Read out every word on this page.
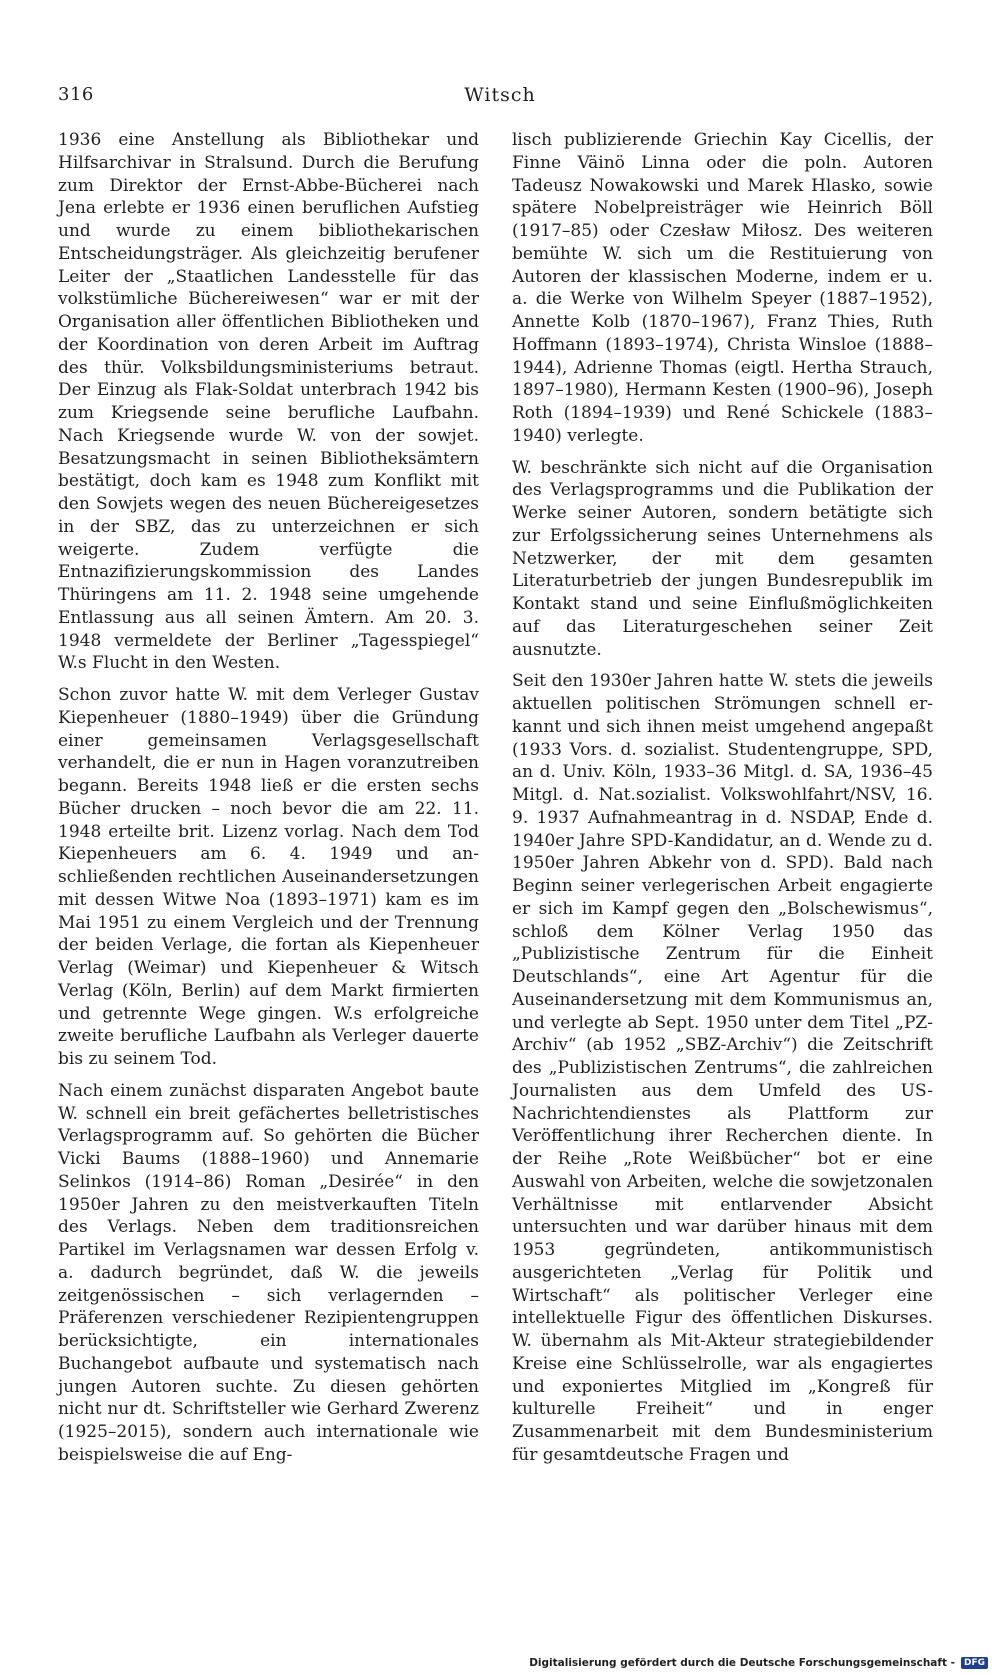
316	Witsch

1936 eine Anstellung als Bibliothekar und Hilfsarchivar in Stralsund. Durch die Berufung zum Direktor der Ernst-Abbe-Bücherei nach Jena erlebte er 1936 einen beruflichen Aufstieg und wurde zu einem bibliothekarischen Entscheidungsträger. Als gleichzeitig berufener Leiter der „Staatlichen Landesstelle für das volkstümliche Büchereiwesen“ war er mit der Organisation aller öffentlichen Bibliotheken und der Koordination von deren Arbeit im Auftrag des thür. Volksbildungsministeriums betraut. Der Einzug als Flak-Soldat unterbrach 1942 bis zum Kriegsende seine berufliche Laufbahn. Nach Kriegsende wurde W. von der sowjet. Besatzungsmacht in seinen Bibliotheksämtern bestätigt, doch kam es 1948 zum Konflikt mit den Sowjets wegen des neuen Büchereigesetzes in der SBZ, das zu unterzeichnen er sich weigerte. Zudem verfügte die Entnazifizierungskommission des Landes Thüringens am 11. 2. 1948 seine umgehende Entlassung aus all seinen Ämtern. Am 20. 3. 1948 vermeldete der Berliner „Tagesspiegel“ W.s Flucht in den Westen.

Schon zuvor hatte W. mit dem Verleger Gustav Kiepenheuer (1880–1949) über die Gründung einer gemeinsamen Verlagsgesellschaft verhandelt, die er nun in Hagen voranzutreiben begann. Bereits 1948 ließ er die ersten sechs Bücher drucken – noch bevor die am 22. 11. 1948 erteilte brit. Lizenz vorlag. Nach dem Tod Kiepenheuers am 6. 4. 1949 und anschließenden rechtlichen Auseinandersetzungen mit dessen Witwe Noa (1893–1971) kam es im Mai 1951 zu einem Vergleich und der Trennung der beiden Verlage, die fortan als Kiepenheuer Verlag (Weimar) und Kiepenheuer & Witsch Verlag (Köln, Berlin) auf dem Markt firmierten und getrennte Wege gingen. W.s erfolgreiche zweite berufliche Laufbahn als Verleger dauerte bis zu seinem Tod.

Nach einem zunächst disparaten Angebot baute W. schnell ein breit gefächertes belletristisches Verlagsprogramm auf. So gehörten die Bücher Vicki Baums (1888–1960) und Annemarie Selinkos (1914–86) Roman „Desirée“ in den 1950er Jahren zu den meistverkauften Titeln des Verlags. Neben dem traditionsreichen Partikel im Verlagsnamen war dessen Erfolg v. a. dadurch begründet, daß W. die jeweils zeitgenössischen – sich verlagernden – Präferenzen verschiedener Rezipientengruppen berücksichtigte, ein internationales Buchangebot aufbaute und systematisch nach jungen Autoren suchte. Zu diesen gehörten nicht nur dt. Schriftsteller wie Gerhard Zwerenz (1925–2015), sondern auch internationale wie beispielsweise die auf Eng-

lisch publizierende Griechin Kay Cicellis, der Finne Väinö Linna oder die poln. Autoren Tadeusz Nowakowski und Marek Hlasko, sowie spätere Nobelpreisträger wie Heinrich Böll (1917–85) oder Czesław Miłosz. Des weiteren bemühte W. sich um die Restituierung von Autoren der klassischen Moderne, indem er u. a. die Werke von Wilhelm Speyer (1887–1952), Annette Kolb (1870–1967), Franz Thies, Ruth Hoffmann (1893–1974), Christa Winsloe (1888–1944), Adrienne Thomas (eigtl. Hertha Strauch, 1897–1980), Hermann Kesten (1900–96), Joseph Roth (1894–1939) und René Schickele (1883–1940) verlegte.

W. beschränkte sich nicht auf die Organisation des Verlagsprogramms und die Publikation der Werke seiner Autoren, sondern betätigte sich zur Erfolgssicherung seines Unternehmens als Netzwerker, der mit dem gesamten Literaturbetrieb der jungen Bundesrepublik im Kontakt stand und seine Einflußmöglichkeiten auf das Literaturgeschehen seiner Zeit ausnutzte.

Seit den 1930er Jahren hatte W. stets die jeweils aktuellen politischen Strömungen schnell erkannt und sich ihnen meist umgehend angepaßt (1933 Vors. d. sozialist. Studentengruppe, SPD, an d. Univ. Köln, 1933–36 Mitgl. d. SA, 1936–45 Mitgl. d. Nat.sozialist. Volkswohlfahrt/NSV, 16. 9. 1937 Aufnahmeantrag in d. NSDAP, Ende d. 1940er Jahre SPD-Kandidatur, an d. Wende zu d. 1950er Jahren Abkehr von d. SPD). Bald nach Beginn seiner verlegerischen Arbeit engagierte er sich im Kampf gegen den „Bolschewismus“, schloß dem Kölner Verlag 1950 das „Publizistische Zentrum für die Einheit Deutschlands“, eine Art Agentur für die Auseinandersetzung mit dem Kommunismus an, und verlegte ab Sept. 1950 unter dem Titel „PZ-Archiv“ (ab 1952 „SBZ-Archiv“) die Zeitschrift des „Publizistischen Zentrums“, die zahlreichen Journalisten aus dem Umfeld des US-Nachrichtendienstes als Plattform zur Veröffentlichung ihrer Recherchen diente. In der Reihe „Rote Weißbücher“ bot er eine Auswahl von Arbeiten, welche die sowjetzonalen Verhältnisse mit entlarvender Absicht untersuchten und war darüber hinaus mit dem 1953 gegründeten, antikommunistisch ausgerichteten „Verlag für Politik und Wirtschaft“ als politischer Verleger eine intellektuelle Figur des öffentlichen Diskurses. W. übernahm als Mit-Akteur strategiebildender Kreise eine Schlüsselrolle, war als engagiertes und exponiertes Mitglied im „Kongreß für kulturelle Freiheit“ und in enger Zusammenarbeit mit dem Bundesministerium für gesamtdeutsche Fragen und

Digitalisierung gefördert durch die Deutsche Forschungsgemeinschaft -	DFG
